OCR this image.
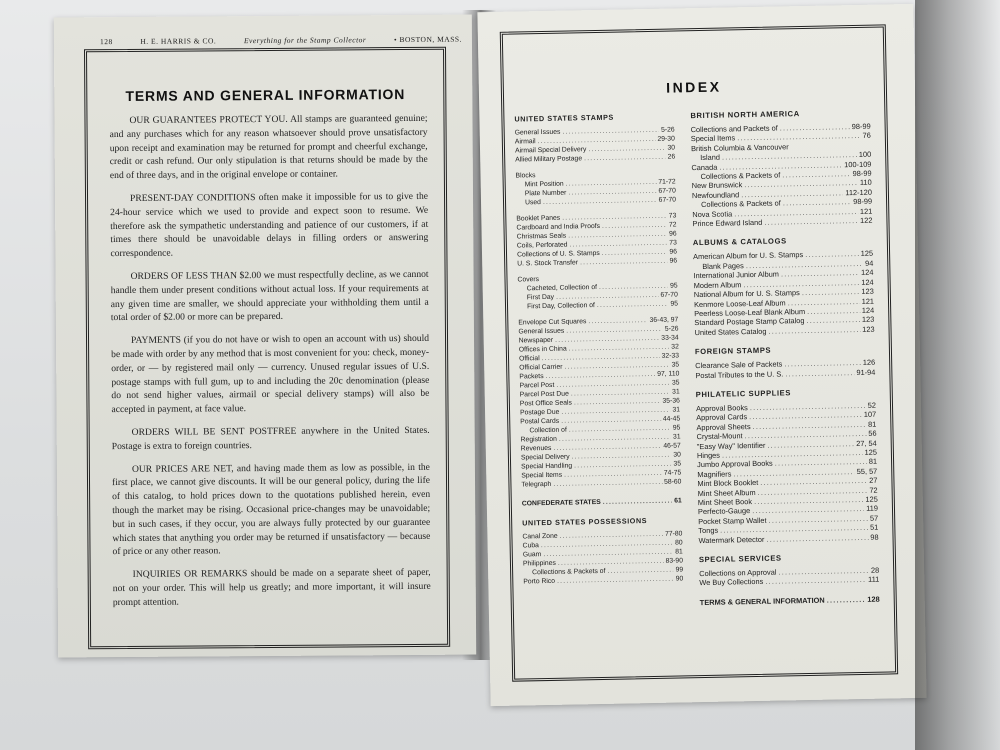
128	H. E. HARRIS & CO.	Everything for the Stamp Collector	• BOSTON, MASS.
TERMS AND GENERAL INFORMATION

OUR GUARANTEES PROTECT YOU. All stamps are guaranteed genuine; and any purchases which for any reason whatsoever should prove unsatisfactory upon receipt and examination may be returned for prompt and cheerful exchange, credit or cash refund. Our only stipulation is that returns should be made by the end of three days, and in the original envelope or container.

PRESENT-DAY CONDITIONS often make it impossible for us to give the 24-hour service which we used to provide and expect soon to resume. We therefore ask the sympathetic understanding and patience of our customers, if at times there should be unavoidable delays in filling orders or answering correspondence.

ORDERS OF LESS THAN $2.00 we must respectfully decline, as we cannot handle them under present conditions without actual loss. If your requirements at any given time are smaller, we should appreciate your withholding them until a total order of $2.00 or more can be prepared.

PAYMENTS (if you do not have or wish to open an account with us) should be made with order by any method that is most convenient for you: check, money-order, or — by registered mail only — currency. Unused regular issues of U.S. postage stamps with full gum, up to and including the 20c denomination (please do not send higher values, airmail or special delivery stamps) will also be accepted in payment, at face value.

ORDERS WILL BE SENT POSTFREE anywhere in the United States. Postage is extra to foreign countries.

OUR PRICES ARE NET, and having made them as low as possible, in the first place, we cannot give discounts. It will be our general policy, during the life of this catalog, to hold prices down to the quotations published herein, even though the market may be rising. Occasional price-changes may be unavoidable; but in such cases, if they occur, you are always fully protected by our guarantee which states that anything you order may be returned if unsatisfactory — because of price or any other reason.

INQUIRIES OR REMARKS should be made on a separate sheet of paper, not on your order. This will help us greatly; and more important, it will insure prompt attention.

INDEX
UNITED STATES STAMPS
General Issues .....	5-26
Airmail .....	29-30
Airmail Special Delivery .....	30
Allied Military Postage .....	26
Blocks
Mint Position .....	71-72
Plate Number .....	67-70
Used .....	67-70
Booklet Panes .....	73
Cardboard and India Proofs .....	72
Christmas Seals .....	96
Coils, Perforated .....	73
Collections of U. S. Stamps .....	96
U. S. Stock Transfer .....	96
Covers
Cacheted, Collection of .....	95
First Day .....	67-70
First Day, Collection of .....	95
Envelope Cut Squares .....	36-43, 97
General Issues .....	5-26
Newspaper .....	33-34
Offices in China .....	32
Official .....	32-33
Official Carrier .....	35
Packets .....	97, 110
Parcel Post .....	35
Parcel Post Due .....	31
Post Office Seals .....	35-36
Postage Due .....	31
Postal Cards .....	44-45
Collection of .....	95
Registration .....	31
Revenues .....	46-57
Special Delivery .....	30
Special Handling .....	35
Special Items .....	74-75
Telegraph .....	58-60
CONFEDERATE STATES .....	61
UNITED STATES POSSESSIONS
Canal Zone .....	77-80
Cuba .....	80
Guam .....	81
Philippines .....	83-90
Collections & Packets of .....	99
Porto Rico .....	90
BRITISH NORTH AMERICA
Collections and Packets of .....	98-99
Special Items .....	76
British Columbia & Vancouver
Island .....	100
Canada .....	100-109
Collections & Packets of .....	98-99
New Brunswick .....	110
Newfoundland .....	112-120
Collections & Packets of .....	98-99
Nova Scotia .....	121
Prince Edward Island .....	122
ALBUMS & CATALOGS
American Album for U. S. Stamps .....	125
Blank Pages .....	94
International Junior Album .....	124
Modern Album .....	124
National Album for U. S. Stamps .....	123
Kenmore Loose-Leaf Album .....	121
Peerless Loose-Leaf Blank Album .....	124
Standard Postage Stamp Catalog .....	123
United States Catalog .....	123
FOREIGN STAMPS
Clearance Sale of Packets .....	126
Postal Tributes to the U. S. .....	91-94
PHILATELIC SUPPLIES
Approval Books .....	52
Approval Cards .....	107
Approval Sheets .....	81
Crystal-Mount .....	56
"Easy Way" Identifier .....	27, 54
Hinges .....	125
Jumbo Approval Books .....	81
Magnifiers .....	55, 57
Mint Block Booklet .....	27
Mint Sheet Album .....	72
Mint Sheet Book .....	125
Perfecto-Gauge .....	119
Pocket Stamp Wallet .....	57
Tongs .....	51
Watermark Detector .....	98
SPECIAL SERVICES
Collections on Approval .....	28
We Buy Collections .....	111
TERMS & GENERAL INFORMATION .....	128
